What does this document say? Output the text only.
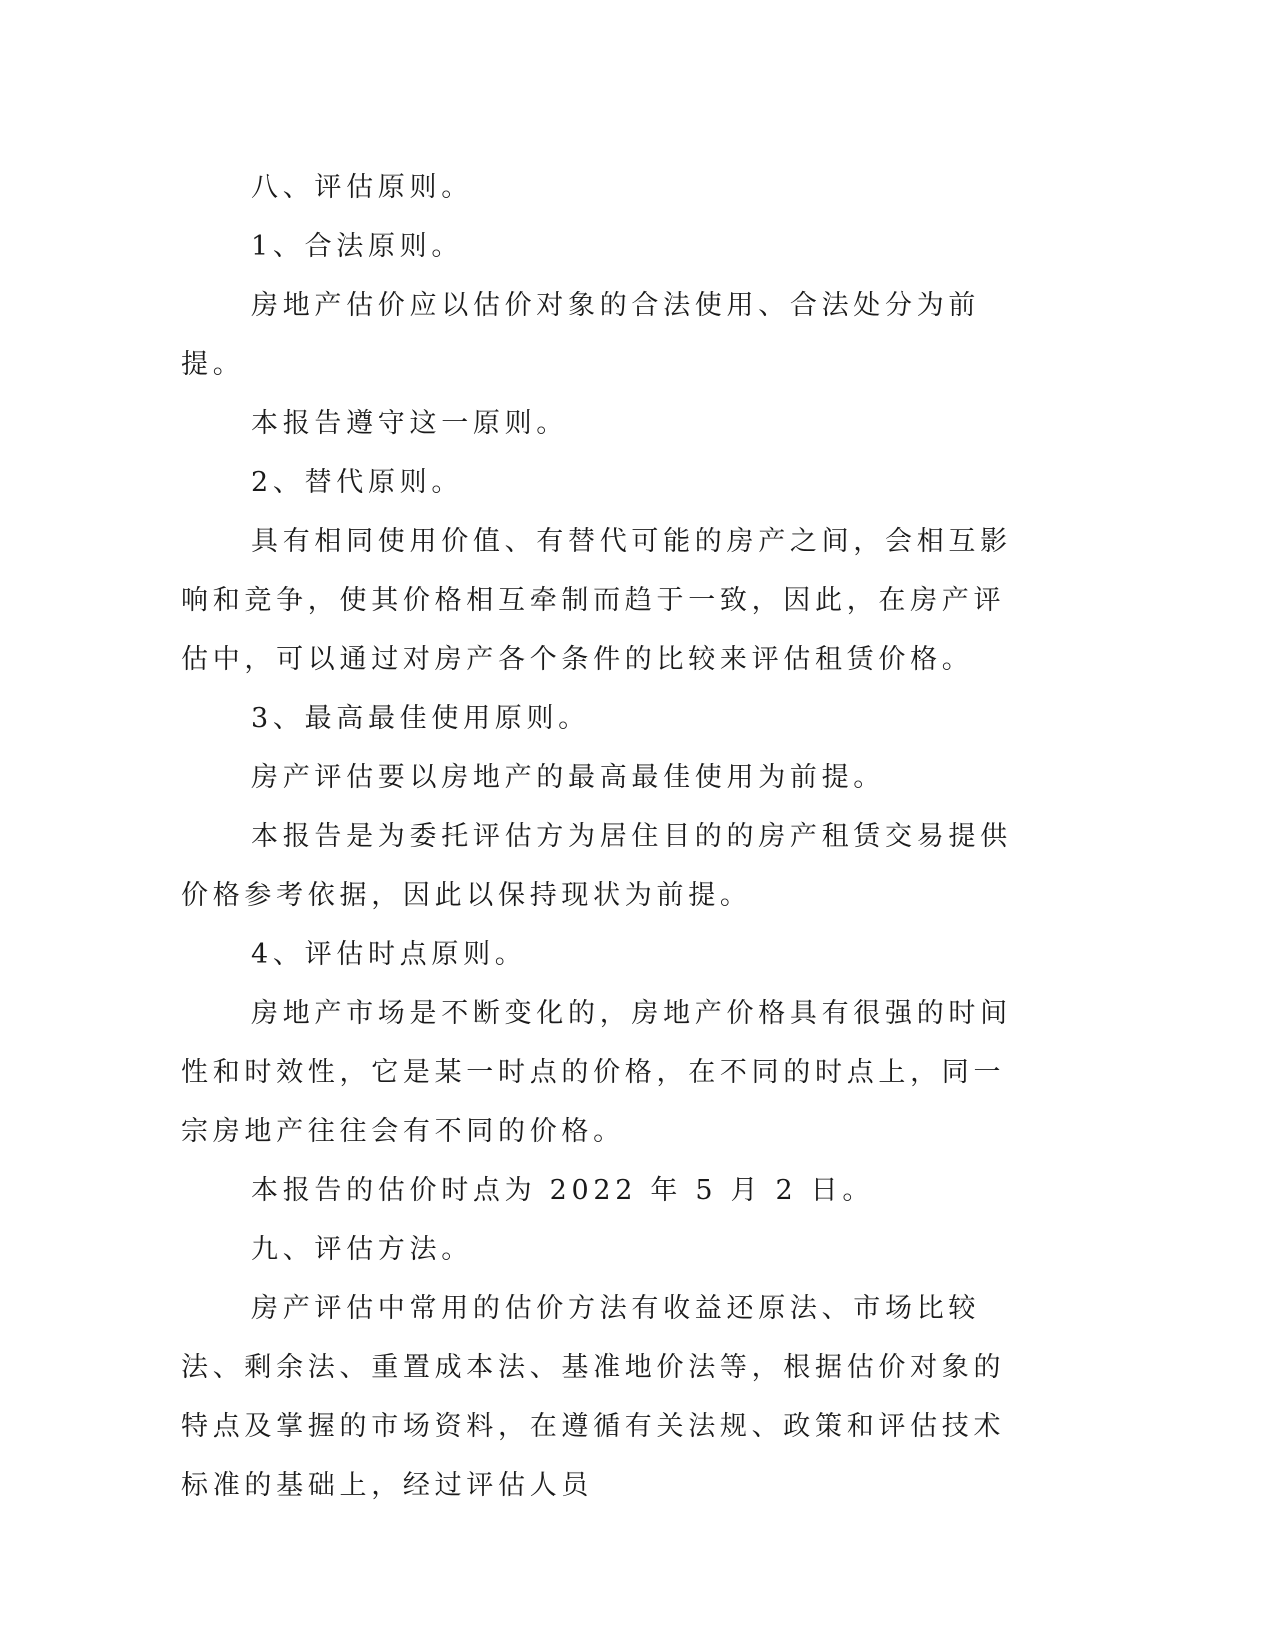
八、评估原则。

1、合法原则。

房地产估价应以估价对象的合法使用、合法处分为前提。

本报告遵守这一原则。

2、替代原则。

具有相同使用价值、有替代可能的房产之间，会相互影响和竞争，使其价格相互牵制而趋于一致，因此，在房产评估中，可以通过对房产各个条件的比较来评估租赁价格。

3、最高最佳使用原则。

房产评估要以房地产的最高最佳使用为前提。

本报告是为委托评估方为居住目的的房产租赁交易提供价格参考依据，因此以保持现状为前提。

4、评估时点原则。

房地产市场是不断变化的，房地产价格具有很强的时间性和时效性，它是某一时点的价格，在不同的时点上，同一宗房地产往往会有不同的价格。

本报告的估价时点为 2022 年 5 月 2 日。

九、评估方法。

房产评估中常用的估价方法有收益还原法、市场比较法、剩余法、重置成本法、基准地价法等，根据估价对象的特点及掌握的市场资料，在遵循有关法规、政策和评估技术标准的基础上，经过评估人员
